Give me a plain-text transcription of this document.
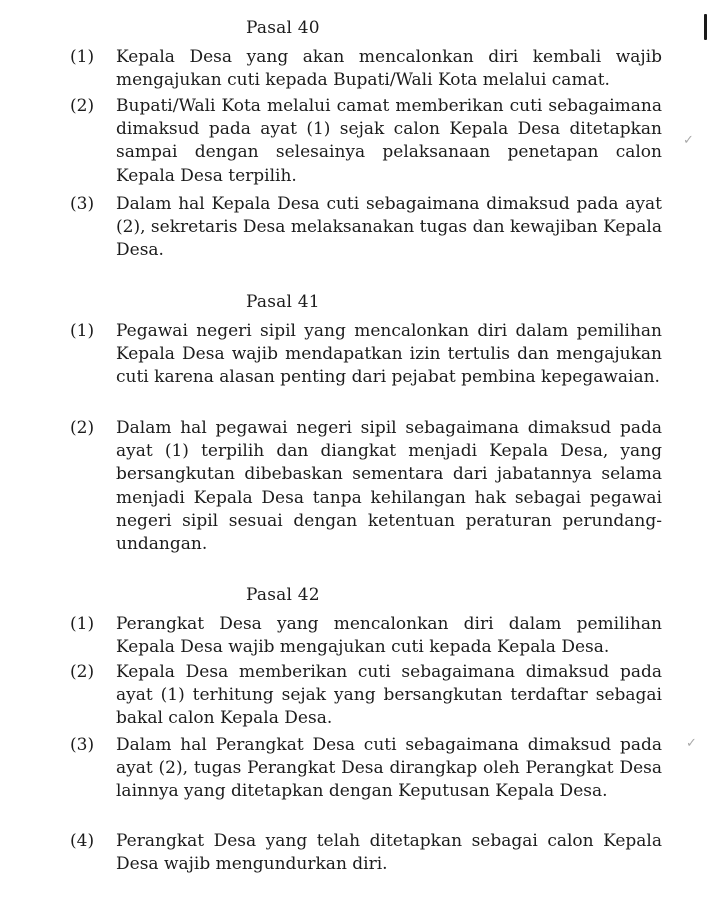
Pasal 40
(1) Kepala Desa yang akan mencalonkan diri kembali wajib mengajukan cuti kepada Bupati/Wali Kota melalui camat.
(2) Bupati/Wali Kota melalui camat memberikan cuti sebagaimana dimaksud pada ayat (1) sejak calon Kepala Desa ditetapkan sampai dengan selesainya pelaksanaan penetapan calon Kepala Desa terpilih.
(3) Dalam hal Kepala Desa cuti sebagaimana dimaksud pada ayat (2), sekretaris Desa melaksanakan tugas dan kewajiban Kepala Desa.
Pasal 41
(1) Pegawai negeri sipil yang mencalonkan diri dalam pemilihan Kepala Desa wajib mendapatkan izin tertulis dan mengajukan cuti karena alasan penting dari pejabat pembina kepegawaian.
(2) Dalam hal pegawai negeri sipil sebagaimana dimaksud pada ayat (1) terpilih dan diangkat menjadi Kepala Desa, yang bersangkutan dibebaskan sementara dari jabatannya selama menjadi Kepala Desa tanpa kehilangan hak sebagai pegawai negeri sipil sesuai dengan ketentuan peraturan perundang-undangan.
Pasal 42
(1) Perangkat Desa yang mencalonkan diri dalam pemilihan Kepala Desa wajib mengajukan cuti kepada Kepala Desa.
(2) Kepala Desa memberikan cuti sebagaimana dimaksud pada ayat (1) terhitung sejak yang bersangkutan terdaftar sebagai bakal calon Kepala Desa.
(3) Dalam hal Perangkat Desa cuti sebagaimana dimaksud pada ayat (2), tugas Perangkat Desa dirangkap oleh Perangkat Desa lainnya yang ditetapkan dengan Keputusan Kepala Desa.
(4) Perangkat Desa yang telah ditetapkan sebagai calon Kepala Desa wajib mengundurkan diri.
✓
✓
